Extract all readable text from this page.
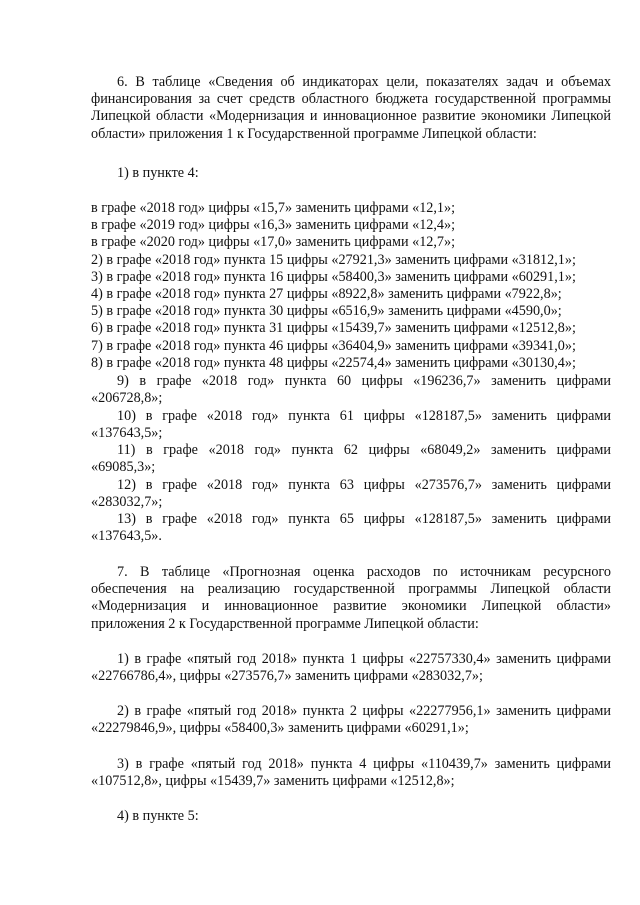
6. В таблице «Сведения об индикаторах цели, показателях задач и объемах
финансирования за счет средств областного бюджета государственной программы
Липецкой области «Модернизация и инновационное развитие экономики Липецкой
области» приложения 1 к Государственной программе Липецкой области:
1) в пункте 4:
в графе «2018 год» цифры «15,7» заменить цифрами «12,1»;
в графе «2019 год» цифры «16,3» заменить цифрами «12,4»;
в графе «2020 год» цифры «17,0» заменить цифрами «12,7»;
2) в графе «2018 год» пункта 15 цифры «27921,3» заменить цифрами «31812,1»;
3) в графе «2018 год» пункта 16 цифры «58400,3» заменить цифрами «60291,1»;
4) в графе «2018 год» пункта 27 цифры «8922,8» заменить цифрами «7922,8»;
5) в графе «2018 год» пункта 30 цифры «6516,9» заменить цифрами «4590,0»;
6) в графе «2018 год» пункта 31 цифры «15439,7» заменить цифрами «12512,8»;
7) в графе «2018 год» пункта 46 цифры «36404,9» заменить цифрами «39341,0»;
8) в графе «2018 год» пункта 48 цифры «22574,4» заменить цифрами «30130,4»;
9) в графе «2018 год» пункта 60 цифры «196236,7» заменить цифрами
«206728,8»;
10) в графе «2018 год» пункта 61 цифры «128187,5» заменить цифрами
«137643,5»;
11) в графе «2018 год» пункта 62 цифры «68049,2» заменить цифрами
«69085,3»;
12) в графе «2018 год» пункта 63 цифры «273576,7» заменить цифрами
«283032,7»;
13) в графе «2018 год» пункта 65 цифры «128187,5» заменить цифрами
«137643,5».
7. В таблице «Прогнозная оценка расходов по источникам ресурсного
обеспечения на реализацию государственной программы Липецкой области
«Модернизация и инновационное развитие экономики Липецкой области»
приложения 2 к Государственной программе Липецкой области:
1) в графе «пятый год 2018» пункта 1 цифры «22757330,4» заменить цифрами
«22766786,4», цифры «273576,7» заменить цифрами «283032,7»;
2) в графе «пятый год 2018» пункта 2 цифры «22277956,1» заменить цифрами
«22279846,9», цифры «58400,3» заменить цифрами «60291,1»;
3) в графе «пятый год 2018» пункта 4 цифры «110439,7» заменить цифрами
«107512,8», цифры «15439,7» заменить цифрами «12512,8»;
4) в пункте 5:
